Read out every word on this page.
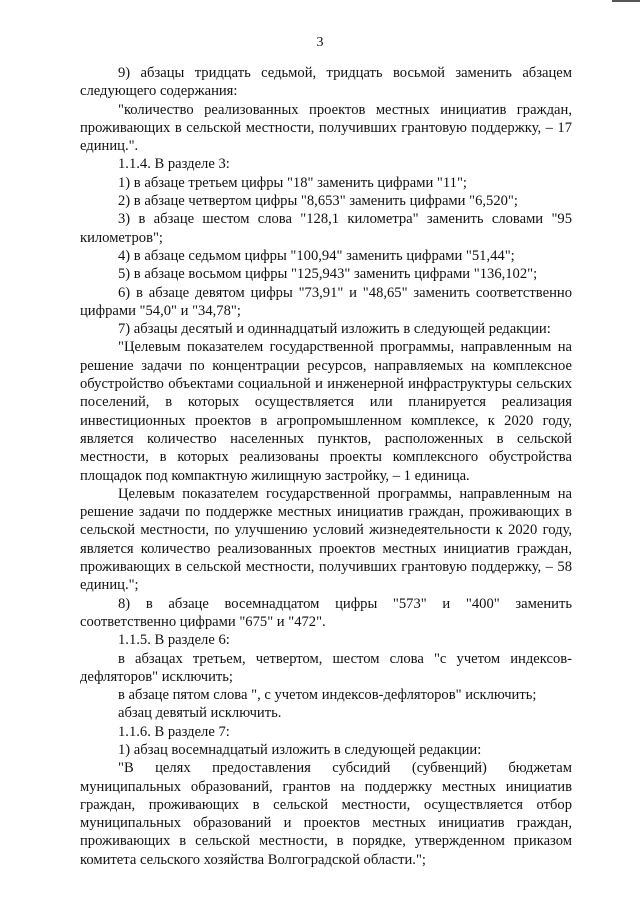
3

9) абзацы тридцать седьмой, тридцать восьмой заменить абзацем следующего содержания:

"количество реализованных проектов местных инициатив граждан, проживающих в сельской местности, получивших грантовую поддержку, – 17 единиц.".

1.1.4. В разделе 3:

1) в абзаце третьем цифры "18" заменить цифрами "11";

2) в абзаце четвертом цифры "8,653" заменить цифрами "6,520";

3) в абзаце шестом слова "128,1 километра" заменить словами "95 километров";

4) в абзаце седьмом цифры "100,94" заменить цифрами "51,44";

5) в абзаце восьмом цифры "125,943" заменить цифрами "136,102";

6) в абзаце девятом цифры "73,91" и "48,65" заменить соответственно цифрами "54,0" и "34,78";

7) абзацы десятый и одиннадцатый изложить в следующей редакции:

"Целевым показателем государственной программы, направленным на решение задачи по концентрации ресурсов, направляемых на комплексное обустройство объектами социальной и инженерной инфраструктуры сельских поселений, в которых осуществляется или планируется реализация инвестиционных проектов в агропромышленном комплексе, к 2020 году, является количество населенных пунктов, расположенных в сельской местности, в которых реализованы проекты комплексного обустройства площадок под компактную жилищную застройку, – 1 единица.

Целевым показателем государственной программы, направленным на решение задачи по поддержке местных инициатив граждан, проживающих в сельской местности, по улучшению условий жизнедеятельности к 2020 году, является количество реализованных проектов местных инициатив граждан, проживающих в сельской местности, получивших грантовую поддержку, – 58 единиц.";

8) в абзаце восемнадцатом цифры "573" и "400" заменить соответственно цифрами "675" и "472".

1.1.5. В разделе 6:

в абзацах третьем, четвертом, шестом слова "с учетом индексов-дефляторов" исключить;

в абзаце пятом слова ", с учетом индексов-дефляторов" исключить;

абзац девятый исключить.

1.1.6. В разделе 7:

1) абзац восемнадцатый изложить в следующей редакции:

"В целях предоставления субсидий (субвенций) бюджетам муниципальных образований, грантов на поддержку местных инициатив граждан, проживающих в сельской местности, осуществляется отбор муниципальных образований и проектов местных инициатив граждан, проживающих в сельской местности, в порядке, утвержденном приказом комитета сельского хозяйства Волгоградской области.";
